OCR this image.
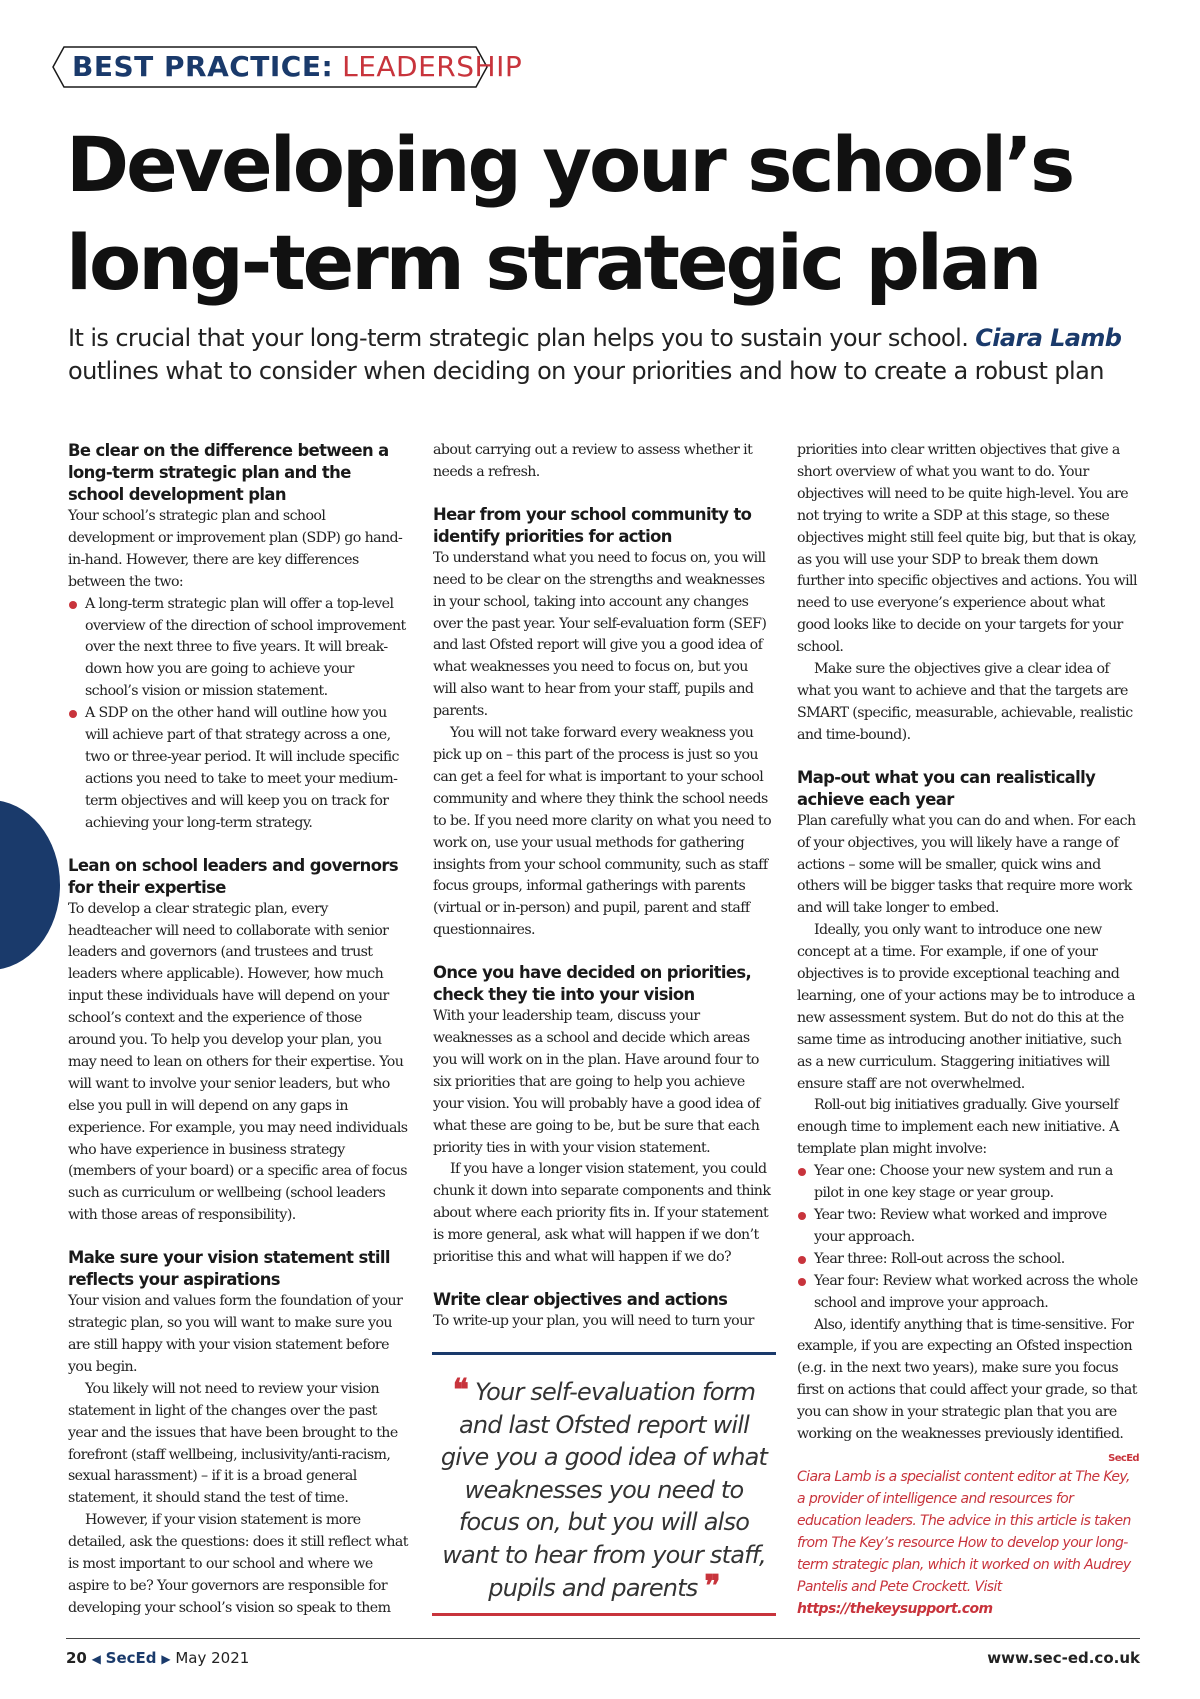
BEST PRACTICE: LEADERSHIP
Developing your school’s
long-term strategic plan

It is crucial that your long-term strategic plan helps you to sustain your school. Ciara Lamb outlines what to consider when deciding on your priorities and how to create a robust plan

Be clear on the difference between a long-term strategic plan and the school development plan

Your school’s strategic plan and school development or improvement plan (SDP) go hand-in-hand. However, there are key differences between the two:

A long-term strategic plan will offer a top-level overview of the direction of school improvement over the next three to five years. It will break-down how you are going to achieve your school’s vision or mission statement.
A SDP on the other hand will outline how you will achieve part of that strategy across a one, two or three-year period. It will include specific actions you need to take to meet your medium-term objectives and will keep you on track for achieving your long-term strategy.
Lean on school leaders and governors for their expertise

To develop a clear strategic plan, every headteacher will need to collaborate with senior leaders and governors (and trustees and trust leaders where applicable). However, how much input these individuals have will depend on your school’s context and the experience of those around you. To help you develop your plan, you may need to lean on others for their expertise. You will want to involve your senior leaders, but who else you pull in will depend on any gaps in experience. For example, you may need individuals who have experience in business strategy (members of your board) or a specific area of focus such as curriculum or wellbeing (school leaders with those areas of responsibility).

Make sure your vision statement still reflects your aspirations

Your vision and values form the foundation of your strategic plan, so you will want to make sure you are still happy with your vision statement before you begin.

You likely will not need to review your vision statement in light of the changes over the past year and the issues that have been brought to the forefront (staff wellbeing, inclusivity/anti-racism, sexual harassment) – if it is a broad general statement, it should stand the test of time.

However, if your vision statement is more detailed, ask the questions: does it still reflect what is most important to our school and where we aspire to be? Your governors are responsible for developing your school’s vision so speak to them

about carrying out a review to assess whether it needs a refresh.

Hear from your school community to identify priorities for action

To understand what you need to focus on, you will need to be clear on the strengths and weaknesses in your school, taking into account any changes over the past year. Your self-evaluation form (SEF) and last Ofsted report will give you a good idea of what weaknesses you need to focus on, but you will also want to hear from your staff, pupils and parents.

You will not take forward every weakness you pick up on – this part of the process is just so you can get a feel for what is important to your school community and where they think the school needs to be. If you need more clarity on what you need to work on, use your usual methods for gathering insights from your school community, such as staff focus groups, informal gatherings with parents (virtual or in-person) and pupil, parent and staff questionnaires.

Once you have decided on priorities, check they tie into your vision

With your leadership team, discuss your weaknesses as a school and decide which areas you will work on in the plan. Have around four to six priorities that are going to help you achieve your vision. You will probably have a good idea of what these are going to be, but be sure that each priority ties in with your vision statement.

If you have a longer vision statement, you could chunk it down into separate components and think about where each priority fits in. If your statement is more general, ask what will happen if we don’t prioritise this and what will happen if we do?

Write clear objectives and actions

To write-up your plan, you will need to turn your

❝ Your self-evaluation form and last Ofsted report will give you a good idea of what weaknesses you need to focus on, but you will also want to hear from your staff, pupils and parents ❞

priorities into clear written objectives that give a short overview of what you want to do. Your objectives will need to be quite high-level. You are not trying to write a SDP at this stage, so these objectives might still feel quite big, but that is okay, as you will use your SDP to break them down further into specific objectives and actions. You will need to use everyone’s experience about what good looks like to decide on your targets for your school.

Make sure the objectives give a clear idea of what you want to achieve and that the targets are SMART (specific, measurable, achievable, realistic and time-bound).

Map-out what you can realistically achieve each year

Plan carefully what you can do and when. For each of your objectives, you will likely have a range of actions – some will be smaller, quick wins and others will be bigger tasks that require more work and will take longer to embed.

Ideally, you only want to introduce one new concept at a time. For example, if one of your objectives is to provide exceptional teaching and learning, one of your actions may be to introduce a new assessment system. But do not do this at the same time as introducing another initiative, such as a new curriculum. Staggering initiatives will ensure staff are not overwhelmed.

Roll-out big initiatives gradually. Give yourself enough time to implement each new initiative. A template plan might involve:

Year one: Choose your new system and run a pilot in one key stage or year group.
Year two: Review what worked and improve your approach.
Year three: Roll-out across the school.
Year four: Review what worked across the whole school and improve your approach.

Also, identify anything that is time-sensitive. For example, if you are expecting an Ofsted inspection (e.g. in the next two years), make sure you focus first on actions that could affect your grade, so that you can show in your strategic plan that you are working on the weaknesses previously identified.

SecEd

Ciara Lamb is a specialist content editor at The Key, a provider of intelligence and resources for education leaders. The advice in this article is taken from The Key’s resource How to develop your long-term strategic plan, which it worked on with Audrey Pantelis and Pete Crockett. Visit
https://thekeysupport.com

20 ◀ SecEd ▶ May 2021	www.sec-ed.co.uk
